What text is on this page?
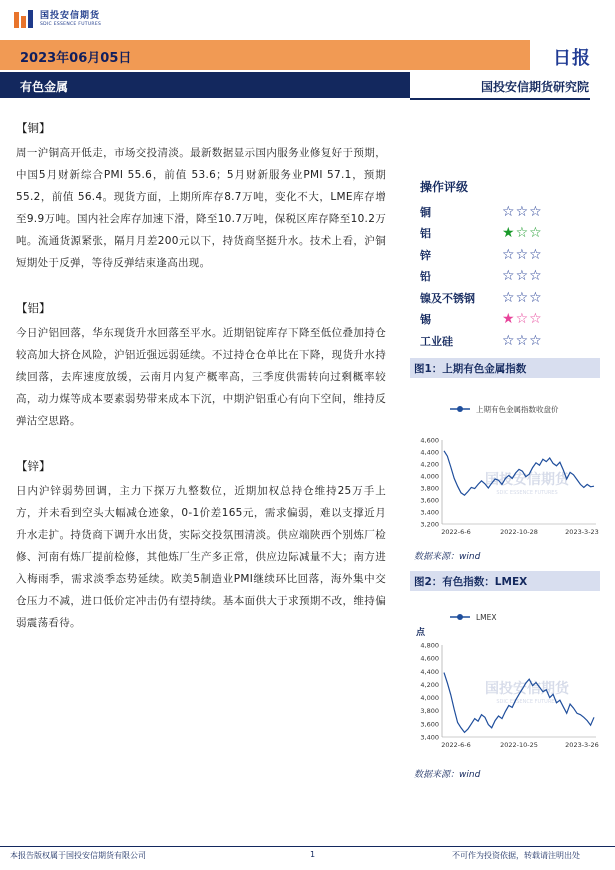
国投安信期货
SDIC ESSENCE FUTURES
2023年06月05日	日报
有色金属	国投安信期货研究院
【铜】
周一沪铜高开低走，市场交投清淡。最新数据显示国内服务业修复好于预期，中国5月财新综合PMI 55.6，前值 53.6；5月财新服务业PMI 57.1，预期 55.2，前值 56.4。现货方面，上期所库存8.7万吨，变化不大，LME库存增至9.9万吨。国内社会库存加速下滑，降至10.7万吨，保税区库存降至10.2万吨。流通货源紧张，隔月月差200元以下，持货商坚挺升水。技术上看，沪铜短期处于反弹，等待反弹结束逢高出现。
【铝】
今日沪铝回落，华东现货升水回落至平水。近期铝锭库存下降至低位叠加持仓较高加大挤仓风险，沪铝近强远弱延续。不过持仓仓单比在下降，现货升水持续回落，去库速度放缓，云南月内复产概率高，三季度供需转向过剩概率较高，动力煤等成本要素弱势带来成本下沉，中期沪铝重心有向下空间，维持反弹沽空思路。
【锌】
日内沪锌弱势回调，主力下探万九整数位，近期加权总持仓维持25万手上方，并未看到空头大幅减仓迹象，0-1价差165元，需求偏弱，难以支撑近月升水走扩。持货商下调升水出货，实际交投氛围清淡。供应端陕西个别炼厂检修、河南有炼厂提前检修，其他炼厂生产多正常，供应边际减量不大；南方进入梅雨季，需求淡季态势延续。欧美5制造业PMI继续环比回落，海外集中交仓压力不减，进口低价定冲击仍有望持续。基本面供大于求预期不改，维持偏弱震荡看待。
操作评级
铜	☆☆☆
铝	★☆☆
锌	☆☆☆
铅	☆☆☆
镍及不锈钢	☆☆☆
锡	★☆☆
工业硅	☆☆☆
图1：上期有色金属指数
上期有色金属指数收盘价
国投安信期货
SDIC ESSENCE FUTURES
3,200
3,400
3,600
3,800
4,000
4,200
4,400
4,600
2022-6-6	2022-10-28	2023-3-23
数据来源：wind
图2：有色指数：LMEX
点
LMEX
国投安信期货
SDIC ESSENCE FUTURES
3,400
3,600
3,800
4,000
4,200
4,400
4,600
4,800
2022-6-6	2022-10-25	2023-3-26
数据来源：wind
本报告版权属于国投安信期货有限公司	1	不可作为投资依据，转载请注明出处
